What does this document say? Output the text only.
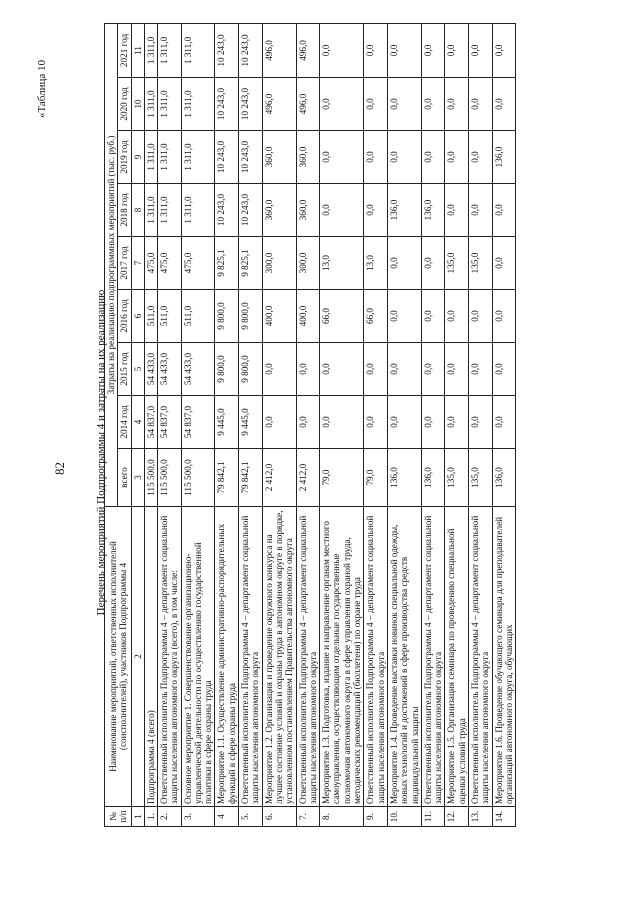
82
«Таблица 10
Перечень мероприятий Подпрограммы 4 и затраты на их реализацию
№ п/п	Наименование мероприятий, ответственных исполнителей (соисполнителей), участников Подпрограммы 4	Затраты на реализацию подпрограммных мероприятий (тыс. руб.)								
		всего	2014 год	2015 год	2016 год	2017 год	2018 год	2019 год	2020 год	2021 год
1	2	3	4	5	6	7	8	9	10	11
1.	Подпрограмма 4 (всего)	115 500,0	54 837,0	54 433,0	511,0	475,0	1 311,0	1 311,0	1 311,0	1 311,0
2.	Ответственный исполнитель Подпрограммы 4 – департамент социальной защиты населения автономного округа (всего), в том числе:	115 500,0	54 837,0	54 433,0	511,0	475,0	1 311,0	1 311,0	1 311,0	1 311,0
3.	Основное мероприятие 1. Совершенствование организационно-управленческой деятельности по осуществлению государственной политики в сфере охраны труда	115 500,0	54 837,0	54 433,0	511,0	475,0	1 311,0	1 311,0	1 311,0	1 311,0
4	Мероприятие 1.1. Осуществление административно-распорядительных функций в сфере охраны труда	79 842,1	9 445,0	9 800,0	9 800,0	9 825,1	10 243,0	10 243,0	10 243,0	10 243,0
5.	Ответственный исполнитель Подпрограммы 4 – департамент социальной защиты населения автономного округа	79 842,1	9 445,0	9 800,0	9 800,0	9 825,1	10 243,0	10 243,0	10 243,0	10 243,0
6.	Мероприятие 1.2. Организация и проведение окружного конкурса на лучшее состояние условий и охраны труда в автономном округе в порядке, установленном постановлением Правительства автономного округа	2 412,0	0,0	0,0	400,0	300,0	360,0	360,0	496,0	496,0
7.	Ответственный исполнитель Подпрограммы 4 – департамент социальной защиты населения автономного округа	2 412,0	0,0	0,0	400,0	300,0	360,0	360,0	496,0	496,0
8.	Мероприятие 1.3. Подготовка, издание и направление органам местного самоуправления, осуществляющим отдельные государственные полномочия автономного округа в сфере управления охраной труда, методических рекомендаций (бюллетеня) по охране труда	79,0	0,0	0,0	66,0	13,0	0,0	0,0	0,0	0,0
9.	Ответственный исполнитель Подпрограммы 4 – департамент социальной защиты населения автономного округа	79,0	0,0	0,0	66,0	13,0	0,0	0,0	0,0	0,0
10.	Мероприятие 1.4. Проведение выставки новинок специальной одежды, новых технологий и достижений в сфере производства средств индивидуальной защиты	136,0	0,0	0,0	0,0	0,0	136,0	0,0	0,0	0,0
11.	Ответственный исполнитель Подпрограммы 4 – департамент социальной защиты населения автономного округа	136,0	0,0	0,0	0,0	0,0	136,0	0,0	0,0	0,0
12.	Мероприятие 1.5. Организация семинара по проведению специальной оценки условий труда	135,0	0,0	0,0	0,0	135,0	0,0	0,0	0,0	0,0
13.	Ответственный исполнитель Подпрограммы 4 – департамент социальной защиты населения автономного округа	135,0	0,0	0,0	0,0	135,0	0,0	0,0	0,0	0,0
14.	Мероприятие 1.6. Проведение обучающего семинара для преподавателей организаций автономного округа, обучающих	136,0	0,0	0,0	0,0	0,0	0,0	136,0	0,0	0,0
